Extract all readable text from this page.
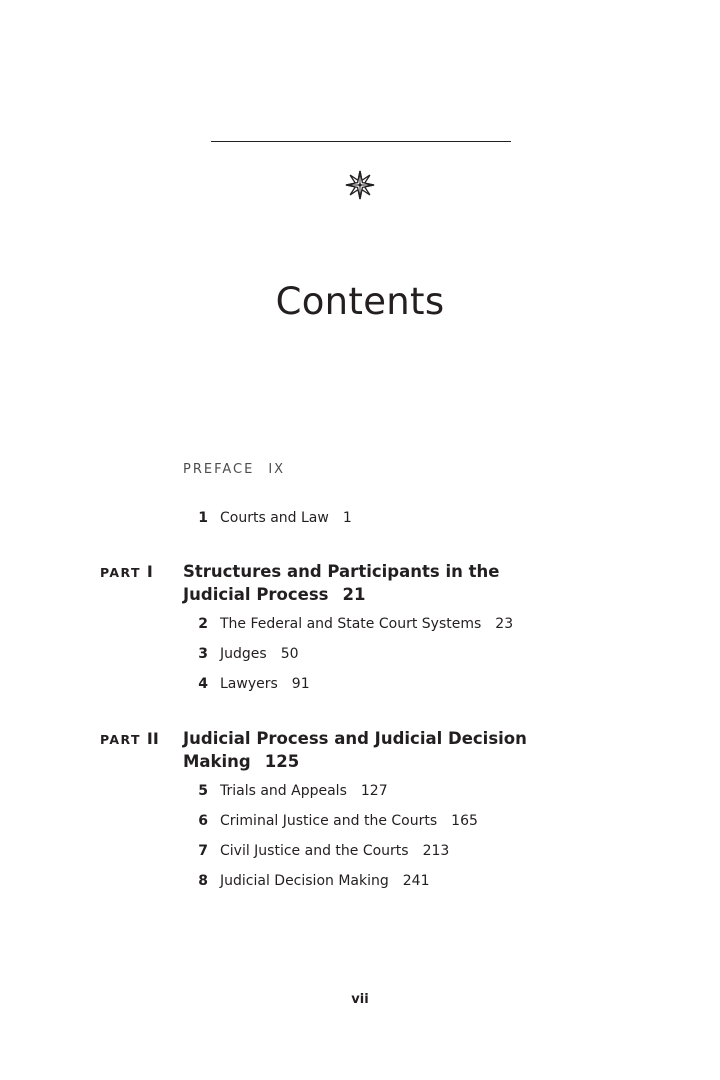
Contents
PREFACE IX
1 Courts and Law 1
PART I Structures and Participants in the Judicial Process 21
2 The Federal and State Court Systems 23
3 Judges 50
4 Lawyers 91
PART II Judicial Process and Judicial Decision Making 125
5 Trials and Appeals 127
6 Criminal Justice and the Courts 165
7 Civil Justice and the Courts 213
8 Judicial Decision Making 241
vii
